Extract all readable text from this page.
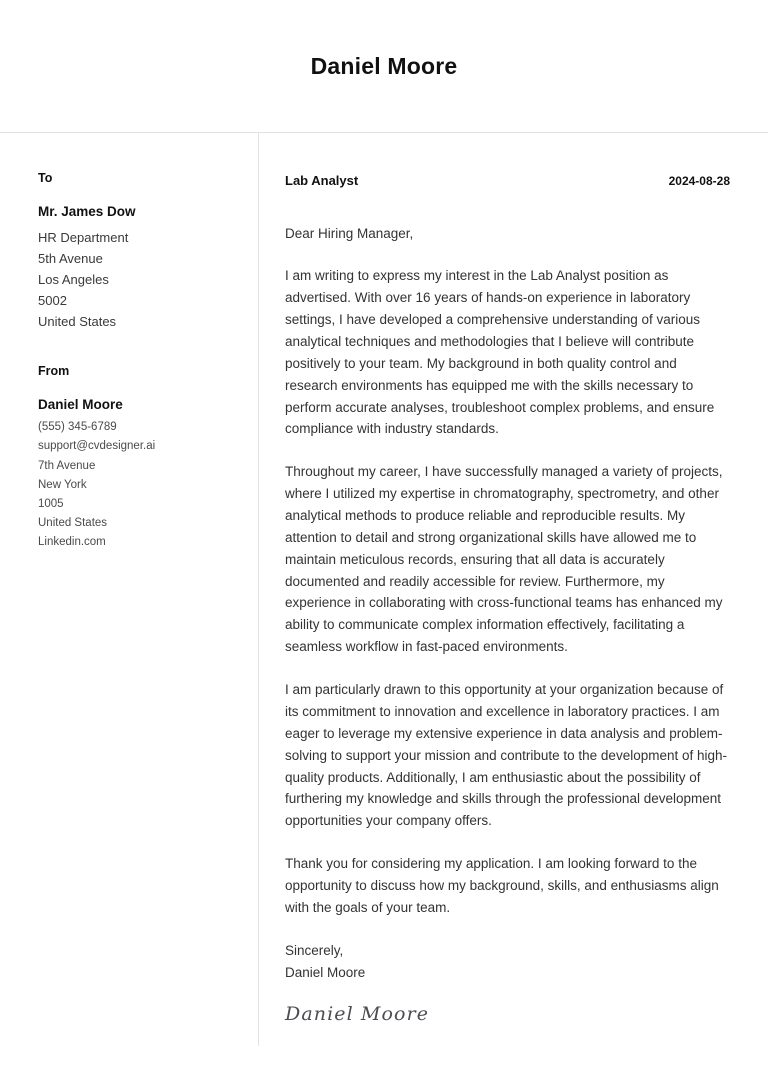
Daniel Moore
To
Mr. James Dow
HR Department
5th Avenue
Los Angeles
5002
United States
From
Daniel Moore
(555) 345-6789
support@cvdesigner.ai
7th Avenue
New York
1005
United States
Linkedin.com
Lab Analyst	2024-08-28

Dear Hiring Manager,

I am writing to express my interest in the Lab Analyst position as advertised. With over 16 years of hands-on experience in laboratory settings, I have developed a comprehensive understanding of various analytical techniques and methodologies that I believe will contribute positively to your team. My background in both quality control and research environments has equipped me with the skills necessary to perform accurate analyses, troubleshoot complex problems, and ensure compliance with industry standards.

Throughout my career, I have successfully managed a variety of projects, where I utilized my expertise in chromatography, spectrometry, and other analytical methods to produce reliable and reproducible results. My attention to detail and strong organizational skills have allowed me to maintain meticulous records, ensuring that all data is accurately documented and readily accessible for review. Furthermore, my experience in collaborating with cross-functional teams has enhanced my ability to communicate complex information effectively, facilitating a seamless workflow in fast-paced environments.

I am particularly drawn to this opportunity at your organization because of its commitment to innovation and excellence in laboratory practices. I am eager to leverage my extensive experience in data analysis and problem-solving to support your mission and contribute to the development of high-quality products. Additionally, I am enthusiastic about the possibility of furthering my knowledge and skills through the professional development opportunities your company offers.

Thank you for considering my application. I am looking forward to the opportunity to discuss how my background, skills, and enthusiasms align with the goals of your team.

Sincerely,
Daniel Moore
Daniel Moore
